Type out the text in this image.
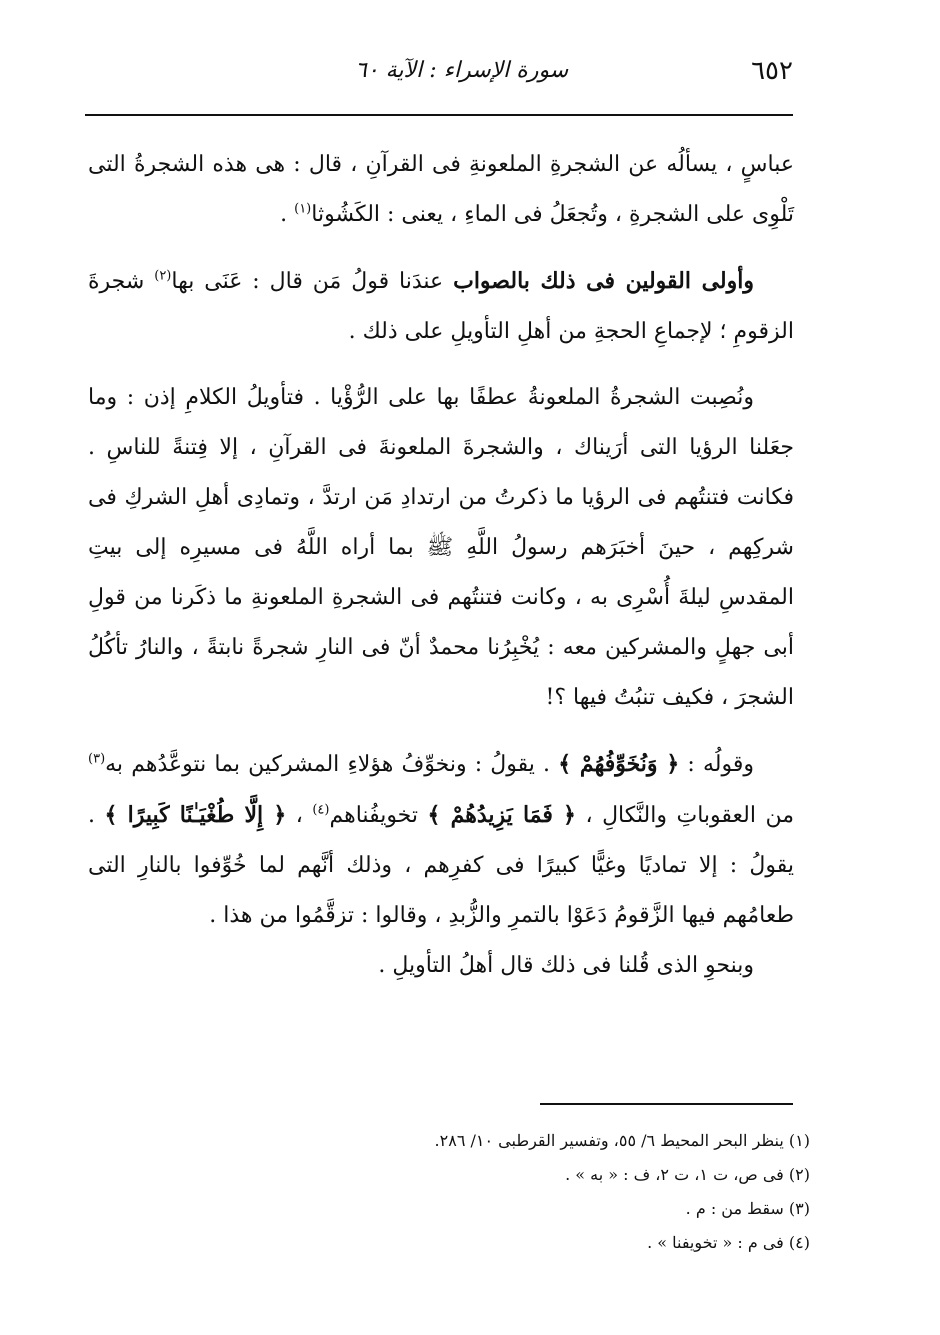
٦٥٢
سورة الإسراء : الآية ٦٠

عباسٍ ، يسألُه عن الشجرةِ الملعونةِ فى القرآنِ ، قال : هى هذه الشجرةُ التى تَلْوِى على الشجرةِ ، وتُجعَلُ فى الماءِ ، يعنى : الكَشُوثا$^{(١)}$ .

وأولى القولين فى ذلك بالصواب عندَنا قولُ مَن قال : عَنَى بها$^{(٢)}$ شجرةَ الزقومِ ؛ لإجماعِ الحجةِ من أهلِ التأويلِ على ذلك .

ونُصِبت الشجرةُ الملعونةُ عطفًا بها على الرُّؤْيا . فتأويلُ الكلامِ إذن : وما جعَلنا الرؤيا التى أرَيناك ، والشجرةَ الملعونةَ فى القرآنِ ، إلا فِتنةً للناسِ . فكانت فتنتُهم فى الرؤيا ما ذكرتُ من ارتدادِ مَن ارتدَّ ، وتمادِى أهلِ الشركِ فى شركِهم ، حينَ أخبَرَهم رسولُ اللَّهِ ﷺ بما أراه اللَّهُ فى مسيرِه إلى بيتِ المقدسِ ليلةَ أُسْرِى به ، وكانت فتنتُهم فى الشجرةِ الملعونةِ ما ذكَرنا من قولِ أبى جهلٍ والمشركين معه : يُخْبِرُنا محمدٌ أنّ فى النارِ شجرةً نابتةً ، والنارُ تأكُلُ الشجرَ ، فكيف تنبُتُ فيها ؟!

وقولُه : ﴿ وَنُخَوِّفُهُمْ ﴾ . يقولُ : ونخوِّفُ هؤلاءِ المشركين بما نتوعَّدُهم به$^{(٣)}$ من العقوباتِ والنَّكالِ ، ﴿ فَمَا يَزِيدُهُمْ ﴾ تخويفُناهم$^{(٤)}$ ، ﴿ إِلَّا طُغْيَـٰنًا كَبِيرًا ﴾ . يقولُ : إلا تماديًا وغيًّا كبيرًا فى كفرِهم ، وذلك أنَّهم لما خُوِّفوا بالنارِ التى طعامُهم فيها الزَّقومُ دَعَوْا بالتمرِ والزُّبدِ ، وقالوا : تزقَّمُوا من هذا .

وبنحوِ الذى قُلنا فى ذلك قال أهلُ التأويلِ .

(١) ينظر البحر المحيط ٦/ ٥٥، وتفسير القرطبى ١٠/ ٢٨٦.

(٢) فى ص، ت ١، ت ٢، ف : « به » .

(٣) سقط من : م .

(٤) فى م : « تخويفنا » .
